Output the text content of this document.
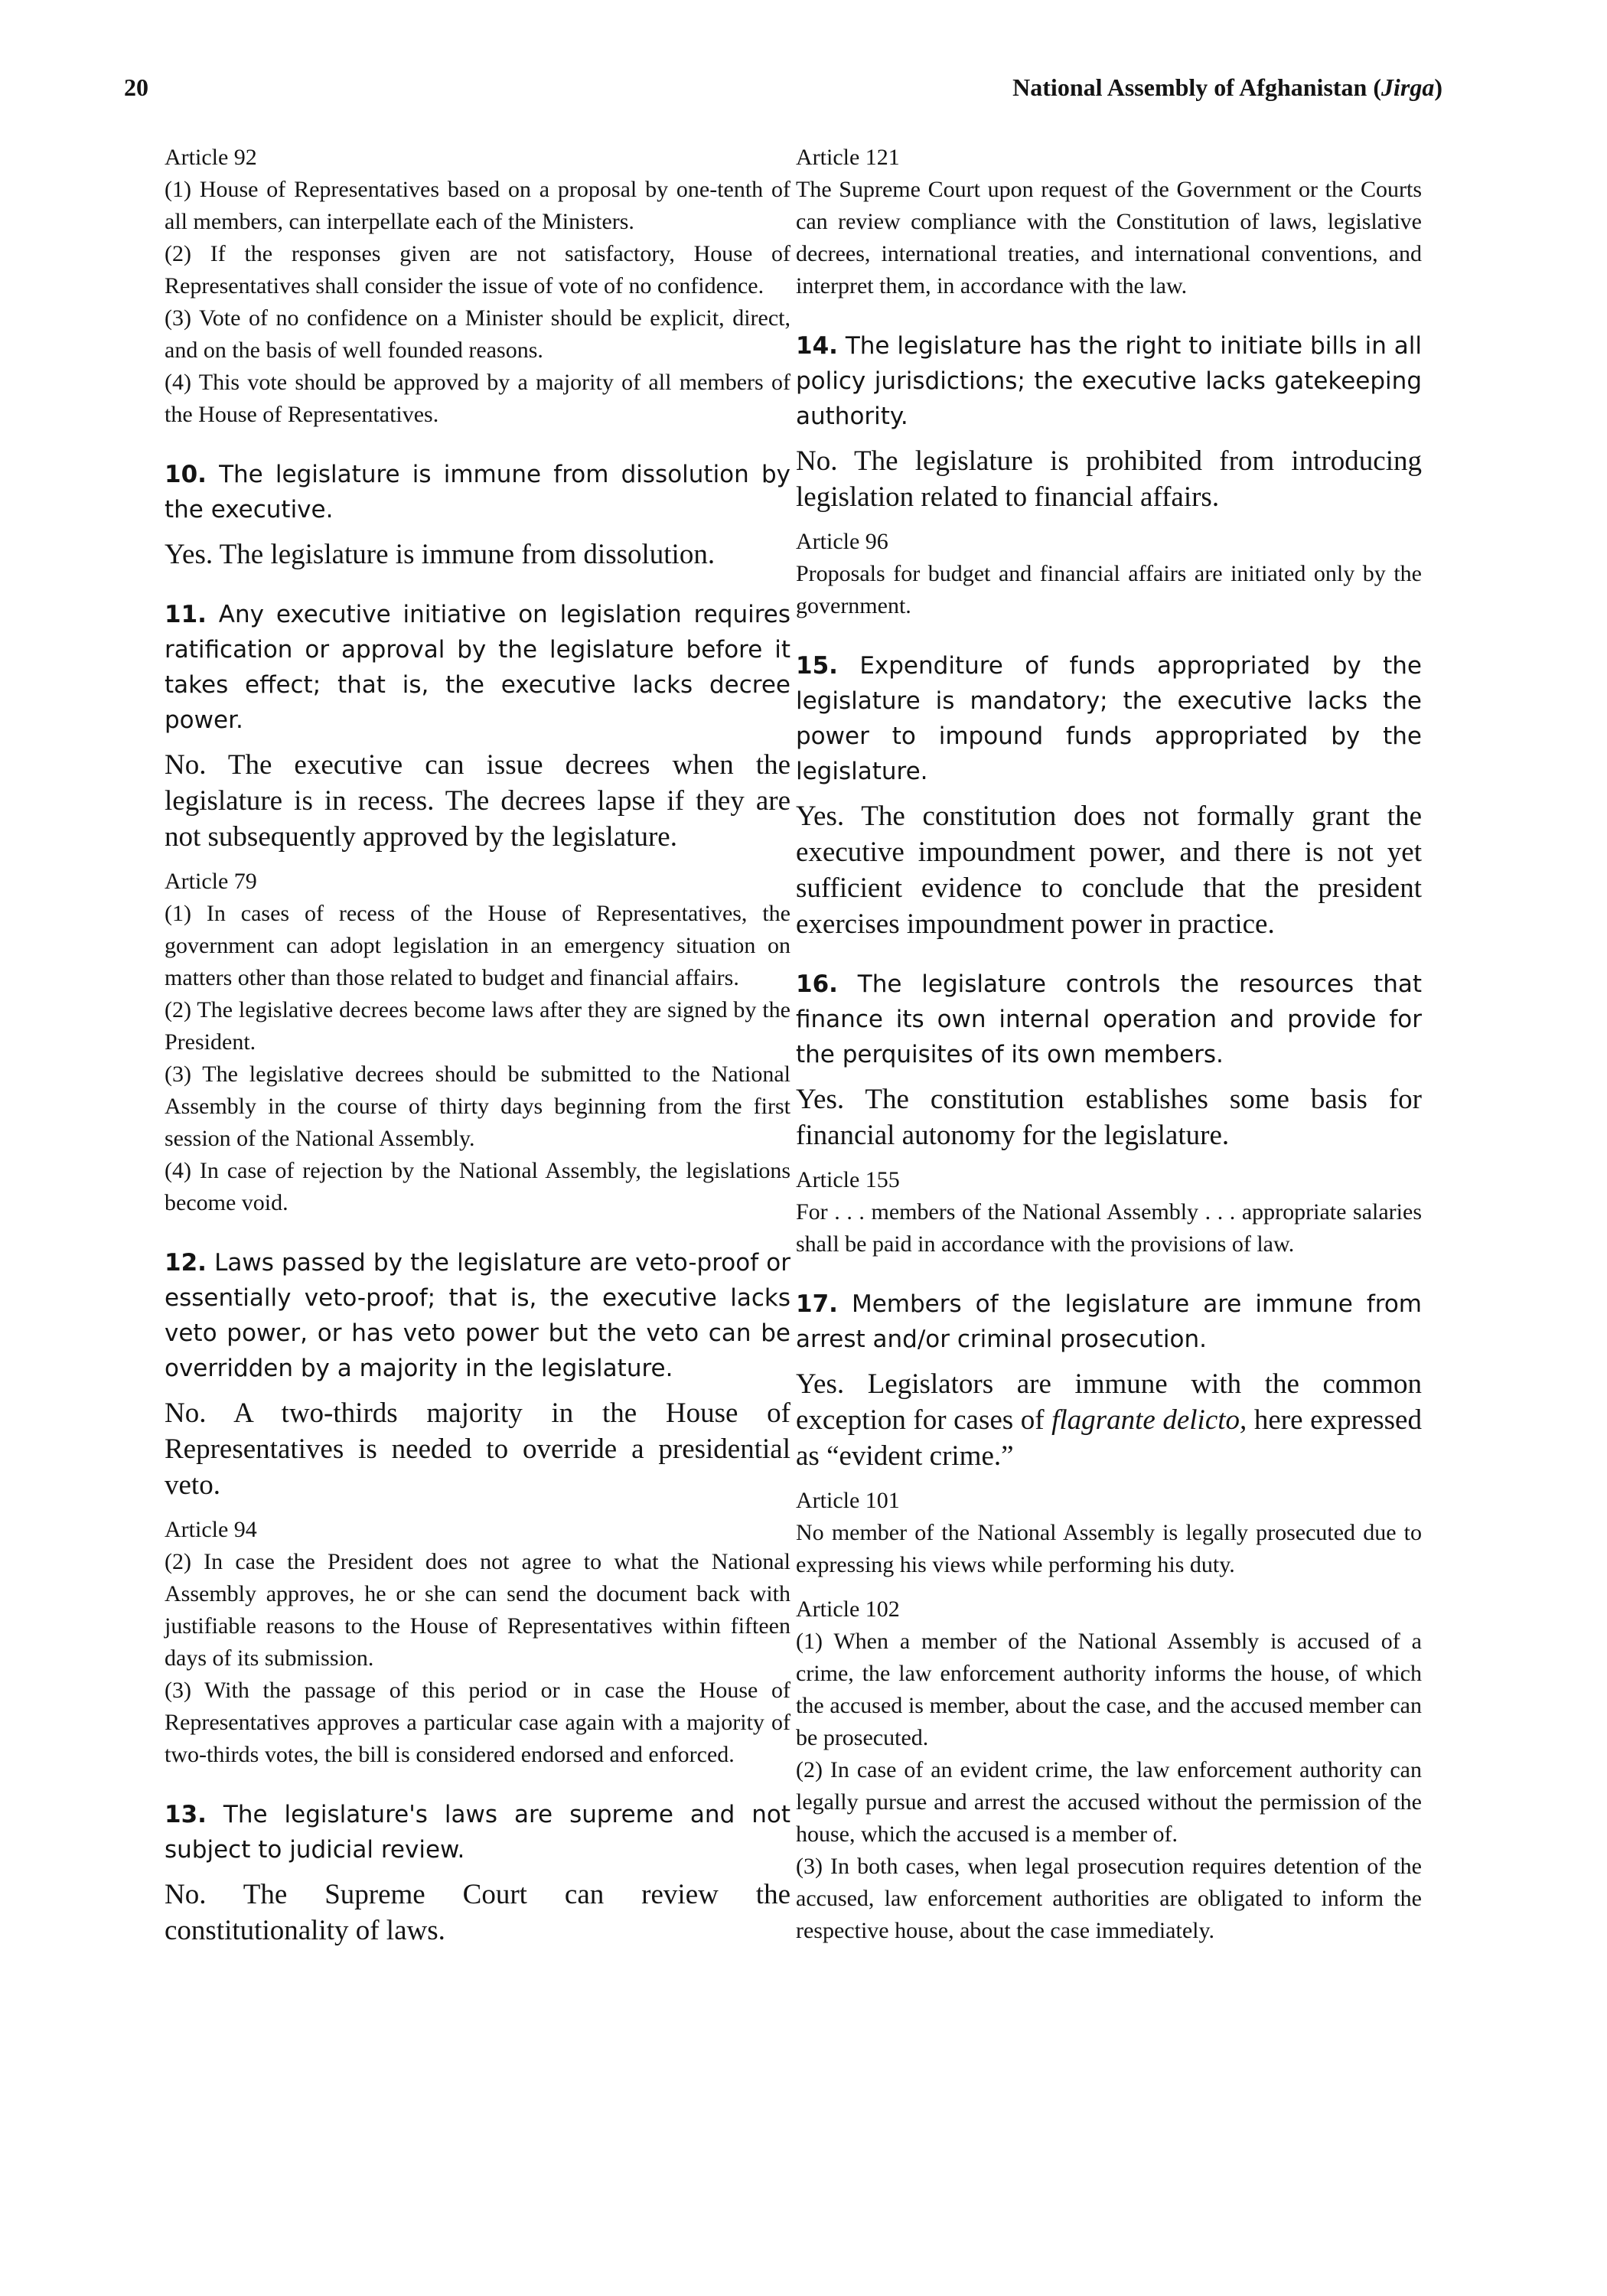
20	National Assembly of Afghanistan (Jirga)
Article 92
(1) House of Representatives based on a proposal by one-tenth of all members, can interpellate each of the Ministers.
(2) If the responses given are not satisfactory, House of Representatives shall consider the issue of vote of no confidence.
(3) Vote of no confidence on a Minister should be explicit, direct, and on the basis of well founded reasons.
(4) This vote should be approved by a majority of all members of the House of Representatives.

10. The legislature is immune from dissolution by the executive.

Yes. The legislature is immune from dissolution.

11. Any executive initiative on legislation requires ratification or approval by the legislature before it takes effect; that is, the executive lacks decree power.

No. The executive can issue decrees when the legislature is in recess. The decrees lapse if they are not subsequently approved by the legislature.

Article 79
(1) In cases of recess of the House of Representatives, the government can adopt legislation in an emergency situation on matters other than those related to budget and financial affairs.
(2) The legislative decrees become laws after they are signed by the President.
(3) The legislative decrees should be submitted to the National Assembly in the course of thirty days beginning from the first session of the National Assembly.
(4) In case of rejection by the National Assembly, the legislations become void.

12. Laws passed by the legislature are veto-proof or essentially veto-proof; that is, the executive lacks veto power, or has veto power but the veto can be overridden by a majority in the legislature.

No. A two-thirds majority in the House of Representatives is needed to override a presidential veto.

Article 94
(2) In case the President does not agree to what the National Assembly approves, he or she can send the document back with justifiable reasons to the House of Representatives within fifteen days of its submission.
(3) With the passage of this period or in case the House of Representatives approves a particular case again with a majority of two-thirds votes, the bill is considered endorsed and enforced.

13. The legislature's laws are supreme and not subject to judicial review.

No. The Supreme Court can review the constitutionality of laws.

Article 121
The Supreme Court upon request of the Government or the Courts can review compliance with the Constitution of laws, legislative decrees, international treaties, and international conventions, and interpret them, in accordance with the law.

14. The legislature has the right to initiate bills in all policy jurisdictions; the executive lacks gatekeeping authority.

No. The legislature is prohibited from introducing legislation related to financial affairs.

Article 96
Proposals for budget and financial affairs are initiated only by the government.

15. Expenditure of funds appropriated by the legislature is mandatory; the executive lacks the power to impound funds appropriated by the legislature.

Yes. The constitution does not formally grant the executive impoundment power, and there is not yet sufficient evidence to conclude that the president exercises impoundment power in practice.

16. The legislature controls the resources that finance its own internal operation and provide for the perquisites of its own members.

Yes. The constitution establishes some basis for financial autonomy for the legislature.

Article 155
For . . . members of the National Assembly . . . appropriate salaries shall be paid in accordance with the provisions of law.

17. Members of the legislature are immune from arrest and/or criminal prosecution.

Yes. Legislators are immune with the common exception for cases of flagrante delicto, here expressed as “evident crime.”

Article 101
No member of the National Assembly is legally prosecuted due to expressing his views while performing his duty.
Article 102
(1) When a member of the National Assembly is accused of a crime, the law enforcement authority informs the house, of which the accused is member, about the case, and the accused member can be prosecuted.
(2) In case of an evident crime, the law enforcement authority can legally pursue and arrest the accused without the permission of the house, which the accused is a member of.
(3) In both cases, when legal prosecution requires detention of the accused, law enforcement authorities are obligated to inform the respective house, about the case immediately.
